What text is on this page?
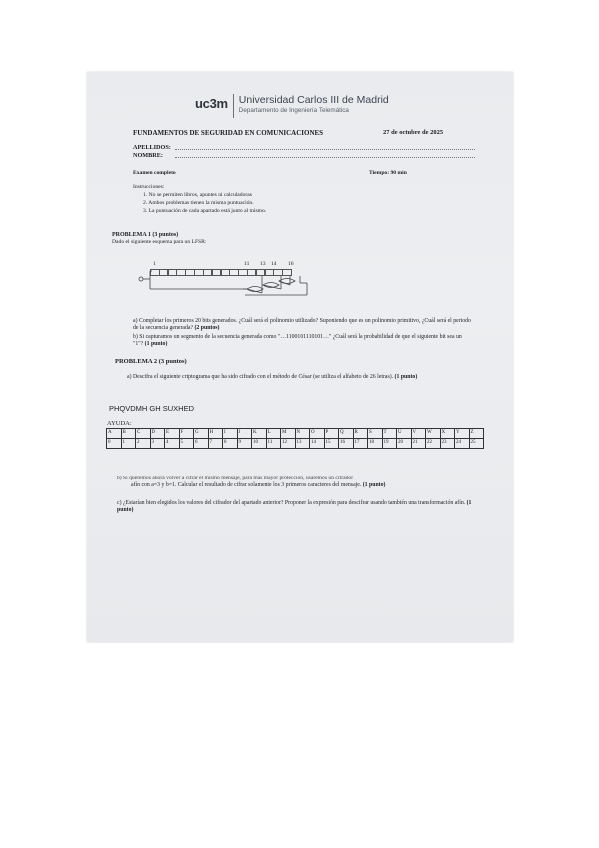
uc3m Universidad Carlos III de Madrid
Departamento de Ingeniería Telemática
FUNDAMENTOS DE SEGURIDAD EN COMUNICACIONES	27 de octubre de 2025
APELLIDOS:
NOMBRE:
Examen completo	Tiempo: 90 min
Instrucciones:
1. No se permiten libros, apuntes ni calculadoras
2. Ambos problemas tienen la misma puntuación.
3. La puntuación de cada apartado está junto al mismo.
PROBLEMA 1 (3 puntos)
Dado el siguiente esquema para un LFSR:
1	11 13 14 16
a) Completar los primeros 20 bits generados. ¿Cuál será el polinomio utilizado? Suponiendo que es un polinomio primitivo, ¿Cuál será el periodo de la secuencia generada? (2 puntos)
b) Si capturamos un segmento de la secuencia generada como "…1100101110101…" ¿Cuál será la probabilidad de que el siguiente bit sea un "1"? (1 punto)
PROBLEMA 2 (3 puntos)
a) Descifra el siguiente criptograma que ha sido cifrado con el método de César (se utiliza el alfabeto de 26 letras). (1 punto)
PHQVDMH GH SUXHED
AYUDA:
A	B	C	D	E	F	G	H	I	J	K	L	M	N	O	P	Q	R	S	T	U	V	W	X	Y	Z
0	1	2	3	4	5	6	7	8	9	10	11	12	13	14	15	16	17	18	19	20	21	22	23	24	25
b) Si queremos ahora volver a cifrar el mismo mensaje, para más mayor protección, usaremos un cifrador
afín con a=3 y b=1. Calcular el resultado de cifrar solamente los 3 primeros caracteres del mensaje. (1 punto)
c) ¿Estarían bien elegidos los valores del cifrador del apartado anterior? Proponer la expresión para descifrar usando también una transformación afín. (1 punto)
